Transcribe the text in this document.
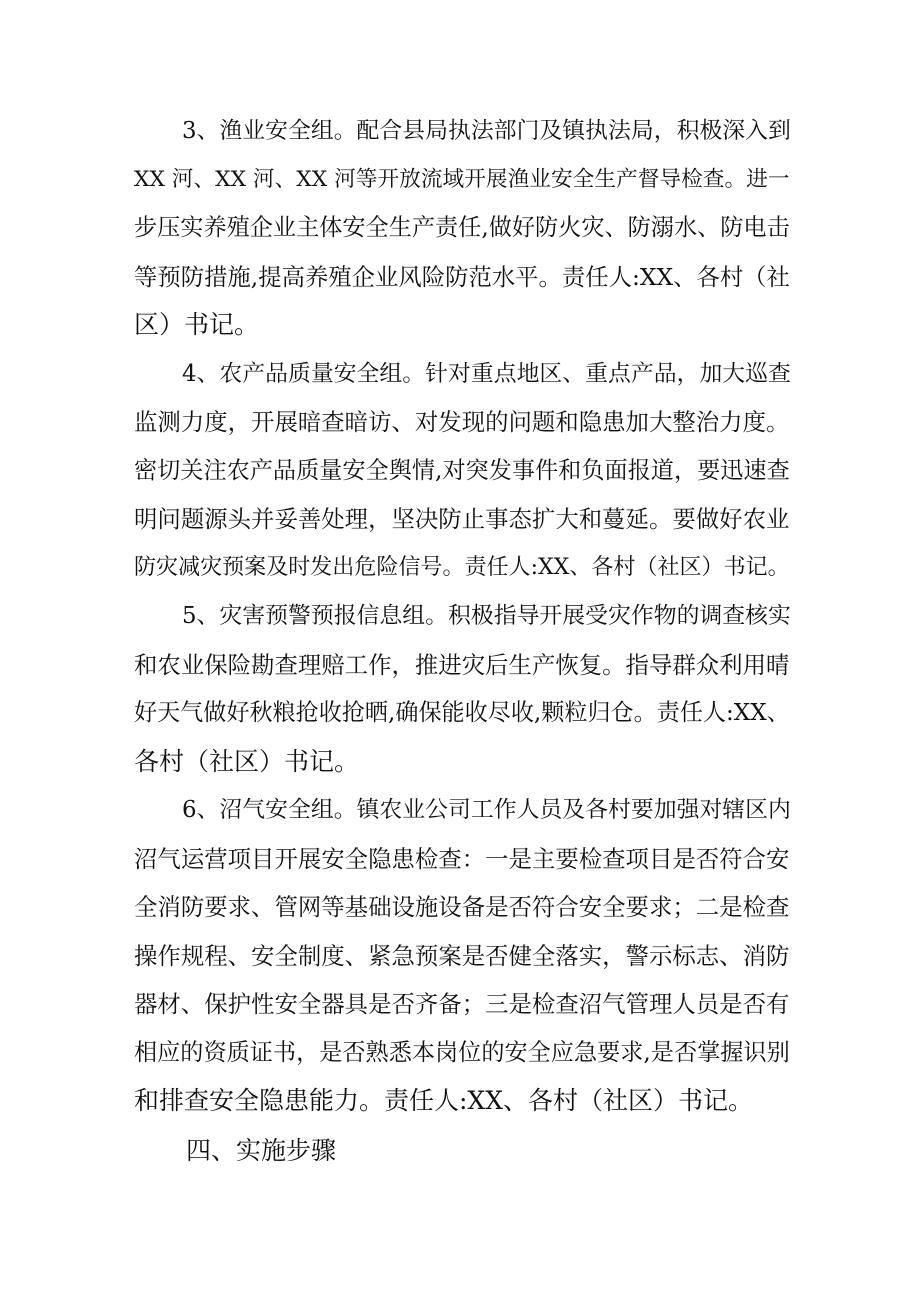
3、渔业安全组。配合县局执法部门及镇执法局，积极深入到
XX 河、XX 河、XX 河等开放流域开展渔业安全生产督导检查。进一
步压实养殖企业主体安全生产责任,做好防火灾、防溺水、防电击
等预防措施,提高养殖企业风险防范水平。责任人:XX、各村（社
区）书记。
4、农产品质量安全组。针对重点地区、重点产品，加大巡查
监测力度，开展暗查暗访、对发现的问题和隐患加大整治力度。
密切关注农产品质量安全舆情,对突发事件和负面报道，要迅速查
明问题源头并妥善处理，坚决防止事态扩大和蔓延。要做好农业
防灾减灾预案及时发出危险信号。责任人:XX、各村（社区）书记。
5、灾害预警预报信息组。积极指导开展受灾作物的调查核实
和农业保险勘查理赔工作，推进灾后生产恢复。指导群众利用晴
好天气做好秋粮抢收抢晒,确保能收尽收,颗粒归仓。责任人:XX、
各村（社区）书记。
6、沼气安全组。镇农业公司工作人员及各村要加强对辖区内
沼气运营项目开展安全隐患检查：一是主要检查项目是否符合安
全消防要求、管网等基础设施设备是否符合安全要求；二是检查
操作规程、安全制度、紧急预案是否健全落实，警示标志、消防
器材、保护性安全器具是否齐备；三是检查沼气管理人员是否有
相应的资质证书，是否熟悉本岗位的安全应急要求,是否掌握识别
和排查安全隐患能力。责任人:XX、各村（社区）书记。
四、实施步骤
